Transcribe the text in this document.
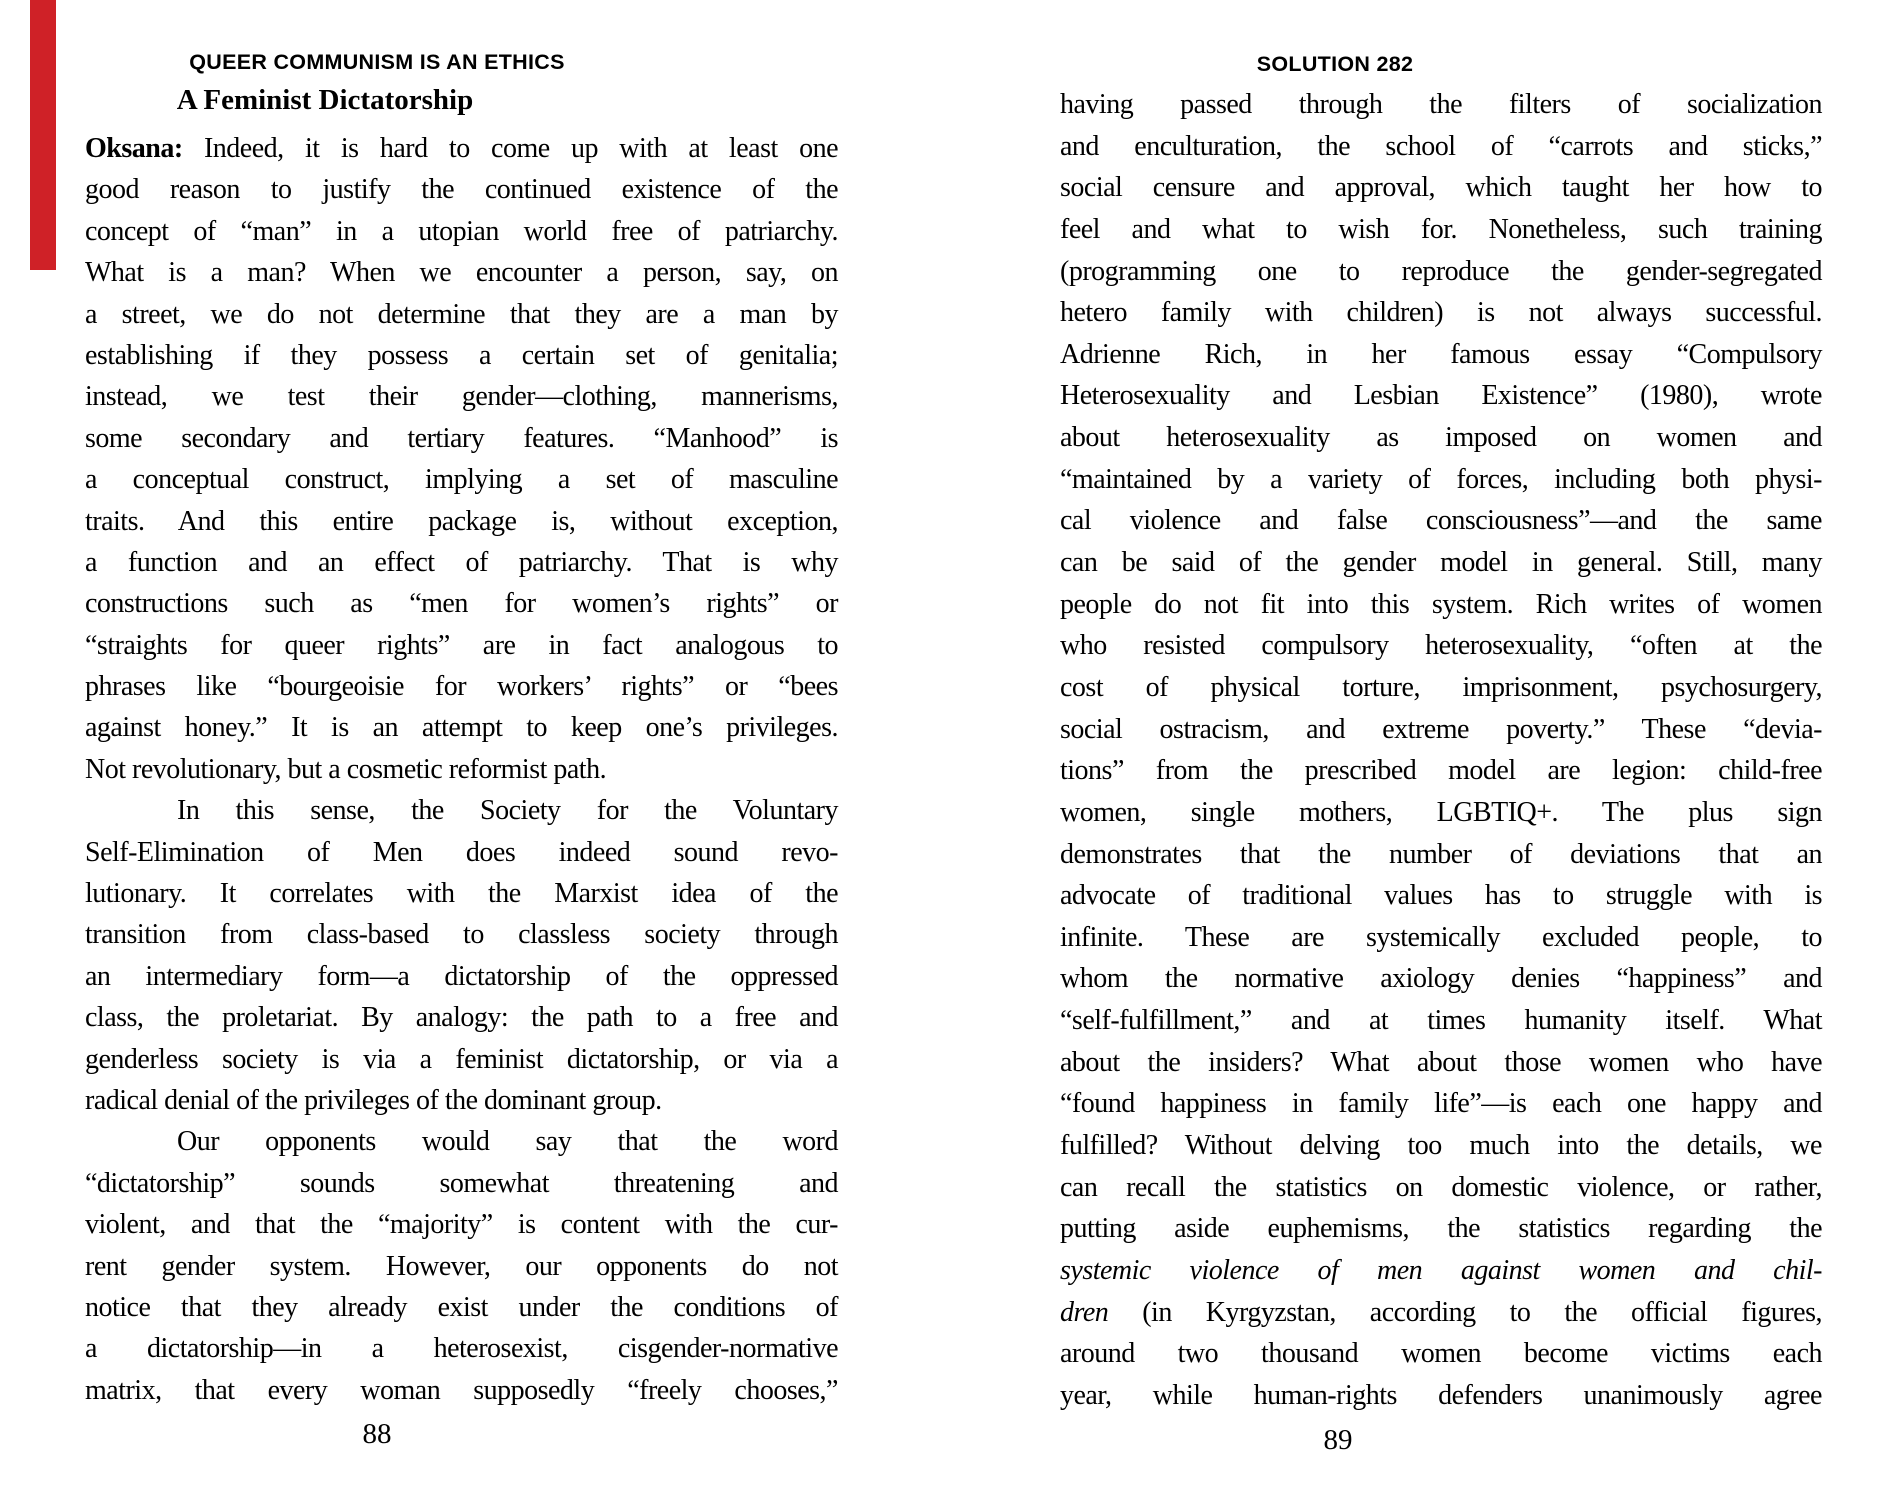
QUEER COMMUNISM IS AN ETHICS
A Feminist Dictatorship
Oksana: Indeed, it is hard to come up with at least one
good reason to justify the continued existence of the
concept of “man” in a utopian world free of patriarchy.
What is a man? When we encounter a person, say, on
a street, we do not determine that they are a man by
establishing if they possess a certain set of genitalia;
instead, we test their gender—clothing, mannerisms,
some secondary and tertiary features. “Manhood” is
a conceptual construct, implying a set of masculine
traits. And this entire package is, without exception,
a function and an effect of patriarchy. That is why
constructions such as “men for women’s rights” or
“straights for queer rights” are in fact analogous to
phrases like “bourgeoisie for workers’ rights” or “bees
against honey.” It is an attempt to keep one’s privileges.
Not revolutionary, but a cosmetic reformist path.
In this sense, the Society for the Voluntary
Self-Elimination of Men does indeed sound revo-
lutionary. It correlates with the Marxist idea of the
transition from class-based to classless society through
an intermediary form—a dictatorship of the oppressed
class, the proletariat. By analogy: the path to a free and
genderless society is via a feminist dictatorship, or via a
radical denial of the privileges of the dominant group.
Our opponents would say that the word
“dictatorship” sounds somewhat threatening and
violent, and that the “majority” is content with the cur-
rent gender system. However, our opponents do not
notice that they already exist under the conditions of
a dictatorship—in a heterosexist, cisgender-normative
matrix, that every woman supposedly “freely chooses,”
88
SOLUTION 282
having passed through the filters of socialization
and enculturation, the school of “carrots and sticks,”
social censure and approval, which taught her how to
feel and what to wish for. Nonetheless, such training
(programming one to reproduce the gender-segregated
hetero family with children) is not always successful.
Adrienne Rich, in her famous essay “Compulsory
Heterosexuality and Lesbian Existence” (1980), wrote
about heterosexuality as imposed on women and
“maintained by a variety of forces, including both physi-
cal violence and false consciousness”—and the same
can be said of the gender model in general. Still, many
people do not fit into this system. Rich writes of women
who resisted compulsory heterosexuality, “often at the
cost of physical torture, imprisonment, psychosurgery,
social ostracism, and extreme poverty.” These “devia-
tions” from the prescribed model are legion: child-free
women, single mothers, LGBTIQ+. The plus sign
demonstrates that the number of deviations that an
advocate of traditional values has to struggle with is
infinite. These are systemically excluded people, to
whom the normative axiology denies “happiness” and
“self-fulfillment,” and at times humanity itself. What
about the insiders? What about those women who have
“found happiness in family life”—is each one happy and
fulfilled? Without delving too much into the details, we
can recall the statistics on domestic violence, or rather,
putting aside euphemisms, the statistics regarding the
systemic violence of men against women and chil-
dren (in Kyrgyzstan, according to the official figures,
around two thousand women become victims each
year, while human-rights defenders unanimously agree
89
